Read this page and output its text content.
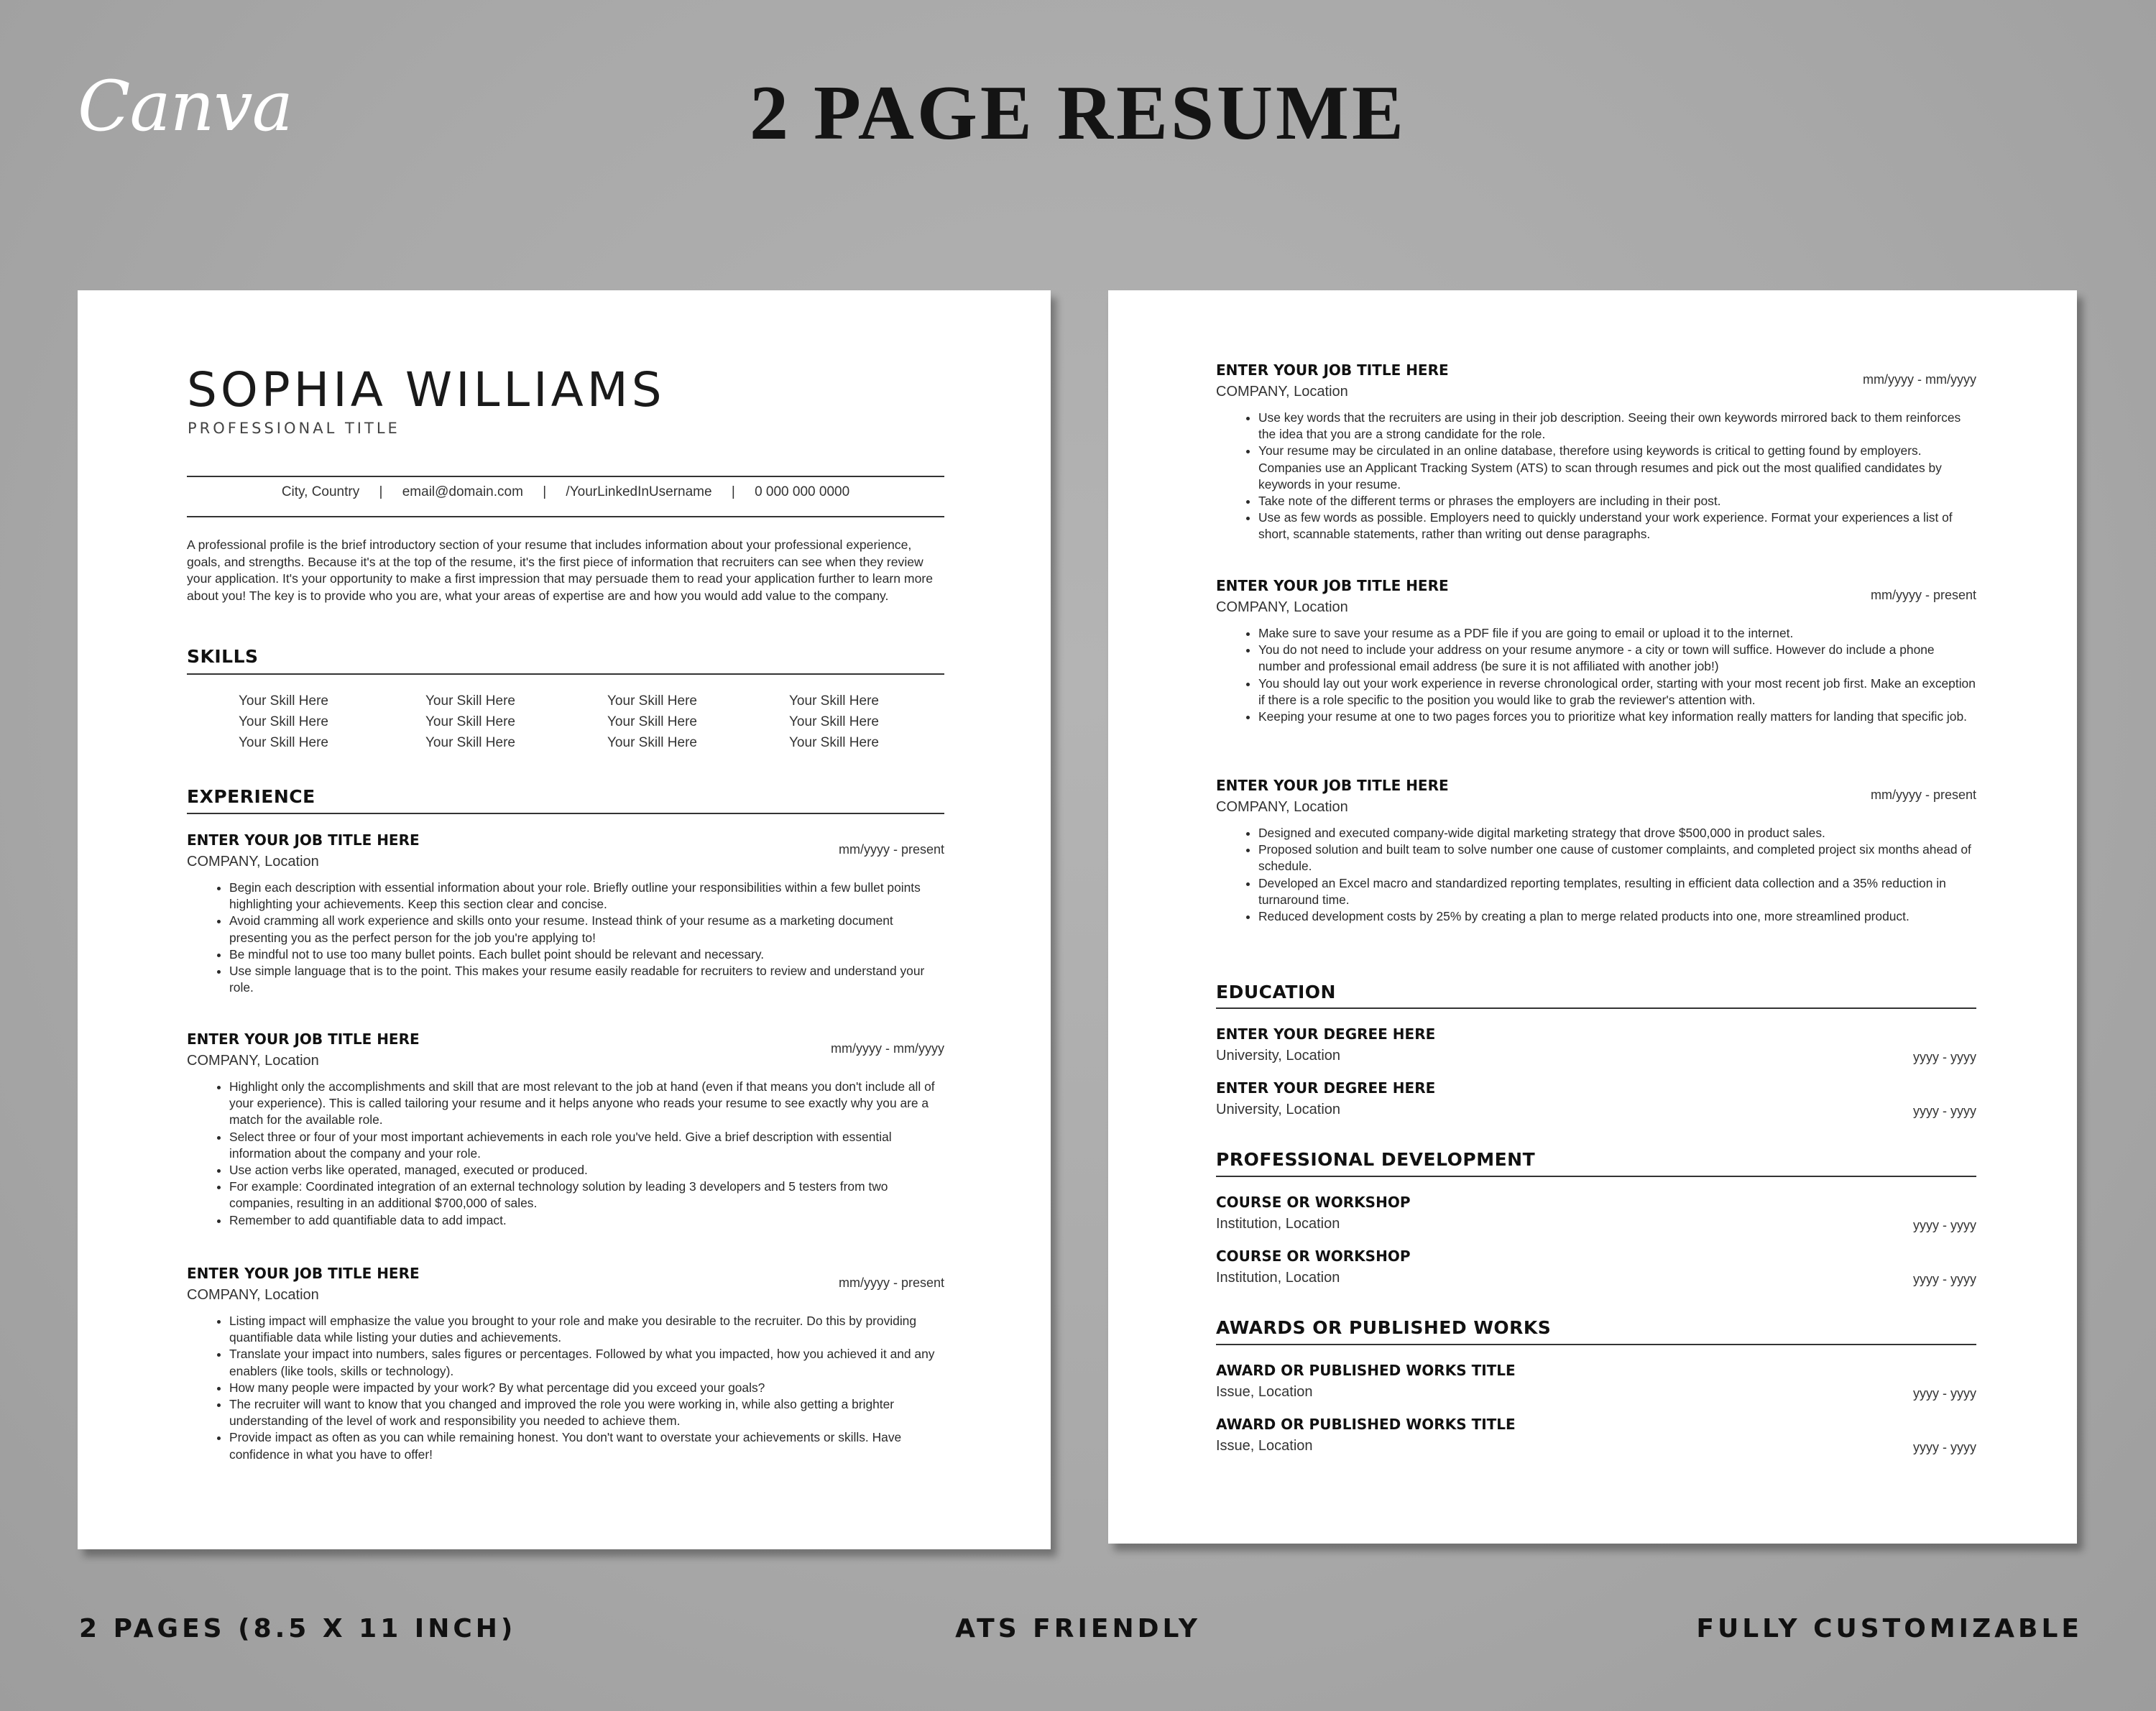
Canva	2 PAGE RESUME
SOPHIA WILLIAMS
PROFESSIONAL TITLE
City, Country | email@domain.com | /YourLinkedInUsername | 0 000 000 0000
A professional profile is the brief introductory section of your resume that includes information about your professional experience, goals, and strengths. Because it's at the top of the resume, it's the first piece of information that recruiters can see when they review your application. It's your opportunity to make a first impression that may persuade them to read your application further to learn more about you! The key is to provide who you are, what your areas of expertise are and how you would add value to the company.
SKILLS
Your Skill Here	Your Skill Here	Your Skill Here	Your Skill Here
Your Skill Here	Your Skill Here	Your Skill Here	Your Skill Here
Your Skill Here	Your Skill Here	Your Skill Here	Your Skill Here
EXPERIENCE
ENTER YOUR JOB TITLE HERE
COMPANY, Location
mm/yyyy - present
• Begin each description with essential information about your role. Briefly outline your responsibilities within a few bullet points highlighting your achievements. Keep this section clear and concise.
• Avoid cramming all work experience and skills onto your resume. Instead think of your resume as a marketing document presenting you as the perfect person for the job you're applying to!
• Be mindful not to use too many bullet points. Each bullet point should be relevant and necessary.
• Use simple language that is to the point. This makes your resume easily readable for recruiters to review and understand your role.
ENTER YOUR JOB TITLE HERE
COMPANY, Location
mm/yyyy - mm/yyyy
• Highlight only the accomplishments and skill that are most relevant to the job at hand (even if that means you don't include all of your experience). This is called tailoring your resume and it helps anyone who reads your resume to see exactly why you are a match for the available role.
• Select three or four of your most important achievements in each role you've held. Give a brief description with essential information about the company and your role.
• Use action verbs like operated, managed, executed or produced.
• For example: Coordinated integration of an external technology solution by leading 3 developers and 5 testers from two companies, resulting in an additional $700,000 of sales.
• Remember to add quantifiable data to add impact.
ENTER YOUR JOB TITLE HERE
COMPANY, Location
mm/yyyy - present
• Listing impact will emphasize the value you brought to your role and make you desirable to the recruiter. Do this by providing quantifiable data while listing your duties and achievements.
• Translate your impact into numbers, sales figures or percentages. Followed by what you impacted, how you achieved it and any enablers (like tools, skills or technology).
• How many people were impacted by your work? By what percentage did you exceed your goals?
• The recruiter will want to know that you changed and improved the role you were working in, while also getting a brighter understanding of the level of work and responsibility you needed to achieve them.
• Provide impact as often as you can while remaining honest. You don't want to overstate your achievements or skills. Have confidence in what you have to offer!
ENTER YOUR JOB TITLE HERE
COMPANY, Location
mm/yyyy - mm/yyyy
• Use key words that the recruiters are using in their job description. Seeing their own keywords mirrored back to them reinforces the idea that you are a strong candidate for the role.
• Your resume may be circulated in an online database, therefore using keywords is critical to getting found by employers. Companies use an Applicant Tracking System (ATS) to scan through resumes and pick out the most qualified candidates by keywords in your resume.
• Take note of the different terms or phrases the employers are including in their post.
• Use as few words as possible. Employers need to quickly understand your work experience. Format your experiences a list of short, scannable statements, rather than writing out dense paragraphs.
ENTER YOUR JOB TITLE HERE
COMPANY, Location
mm/yyyy - present
• Make sure to save your resume as a PDF file if you are going to email or upload it to the internet.
• You do not need to include your address on your resume anymore - a city or town will suffice. However do include a phone number and professional email address (be sure it is not affiliated with another job!)
• You should lay out your work experience in reverse chronological order, starting with your most recent job first. Make an exception if there is a role specific to the position you would like to grab the reviewer's attention with.
• Keeping your resume at one to two pages forces you to prioritize what key information really matters for landing that specific job.
ENTER YOUR JOB TITLE HERE
COMPANY, Location
mm/yyyy - present
• Designed and executed company-wide digital marketing strategy that drove $500,000 in product sales.
• Proposed solution and built team to solve number one cause of customer complaints, and completed project six months ahead of schedule.
• Developed an Excel macro and standardized reporting templates, resulting in efficient data collection and a 35% reduction in turnaround time.
• Reduced development costs by 25% by creating a plan to merge related products into one, more streamlined product.
EDUCATION
ENTER YOUR DEGREE HERE
University, Location	yyyy - yyyy
ENTER YOUR DEGREE HERE
University, Location	yyyy - yyyy
PROFESSIONAL DEVELOPMENT
COURSE OR WORKSHOP
Institution, Location	yyyy - yyyy
COURSE OR WORKSHOP
Institution, Location	yyyy - yyyy
AWARDS OR PUBLISHED WORKS
AWARD OR PUBLISHED WORKS TITLE
Issue, Location	yyyy - yyyy
AWARD OR PUBLISHED WORKS TITLE
Issue, Location	yyyy - yyyy
2 PAGES (8.5 X 11 INCH)	ATS FRIENDLY	FULLY CUSTOMIZABLE
